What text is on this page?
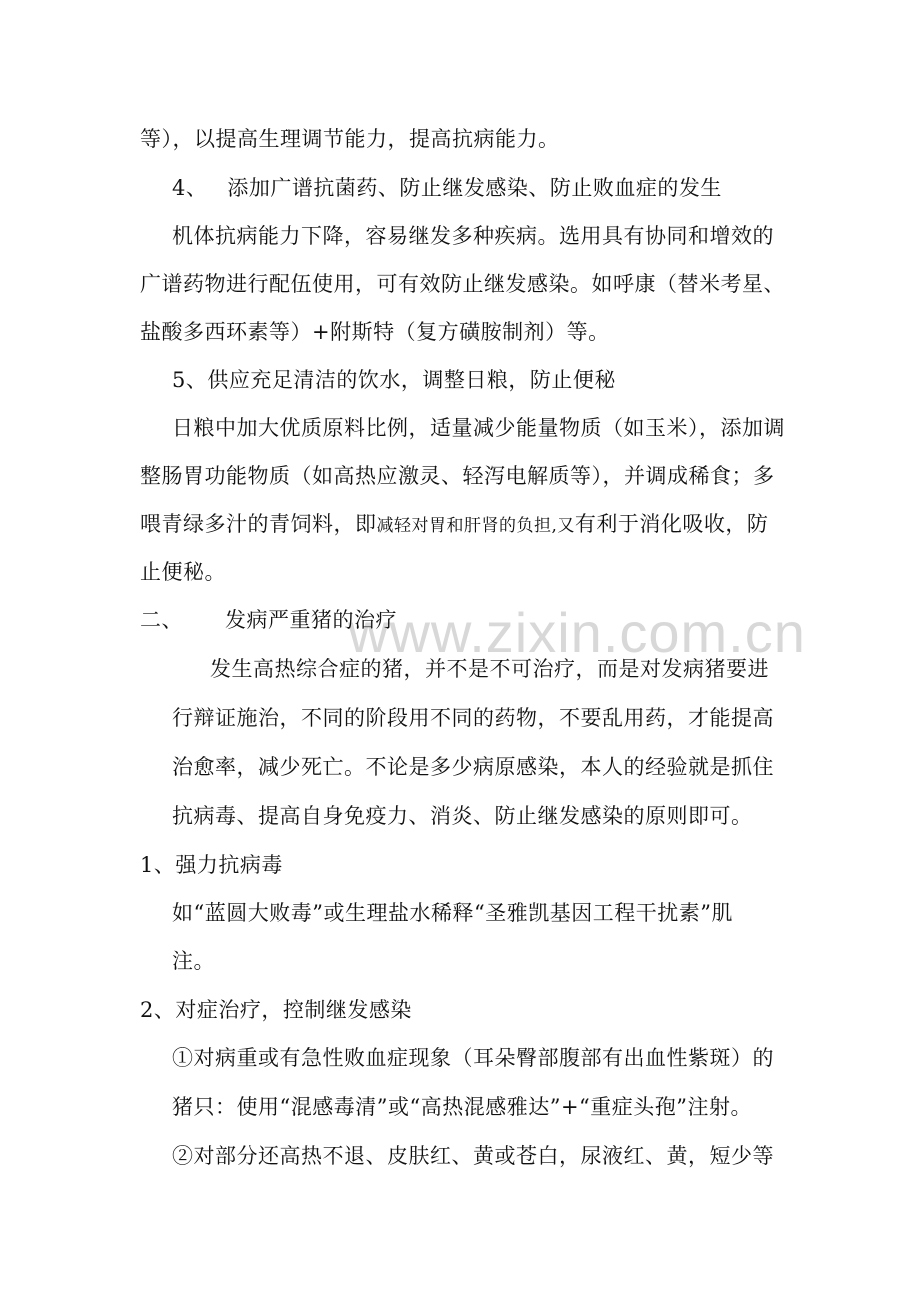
www.zixin.com.cn
等），以提高生理调节能力，提高抗病能力。
4、 添加广谱抗菌药、防止继发感染、防止败血症的发生
机体抗病能力下降，容易继发多种疾病。选用具有协同和增效的
广谱药物进行配伍使用，可有效防止继发感染。如呼康（替米考星、
盐酸多西环素等）+附斯特（复方磺胺制剂）等。
5、供应充足清洁的饮水，调整日粮，防止便秘
日粮中加大优质原料比例，适量减少能量物质（如玉米），添加调
整肠胃功能物质（如高热应激灵、轻泻电解质等），并调成稀食；多
喂青绿多汁的青饲料，即减轻对胃和肝肾的负担,又有利于消化吸收，防
止便秘。
二、 发病严重猪的治疗
发生高热综合症的猪，并不是不可治疗，而是对发病猪要进
行辩证施治，不同的阶段用不同的药物，不要乱用药，才能提高
治愈率，减少死亡。不论是多少病原感染，本人的经验就是抓住
抗病毒、提高自身免疫力、消炎、防止继发感染的原则即可。
1、强力抗病毒
如“蓝圆大败毒”或生理盐水稀释“圣雅凯基因工程干扰素”肌
注。
2、对症治疗，控制继发感染
①对病重或有急性败血症现象（耳朵臀部腹部有出血性紫斑）的
猪只：使用“混感毒清”或“高热混感雅达”+“重症头孢”注射。
②对部分还高热不退、皮肤红、黄或苍白，尿液红、黄，短少等
